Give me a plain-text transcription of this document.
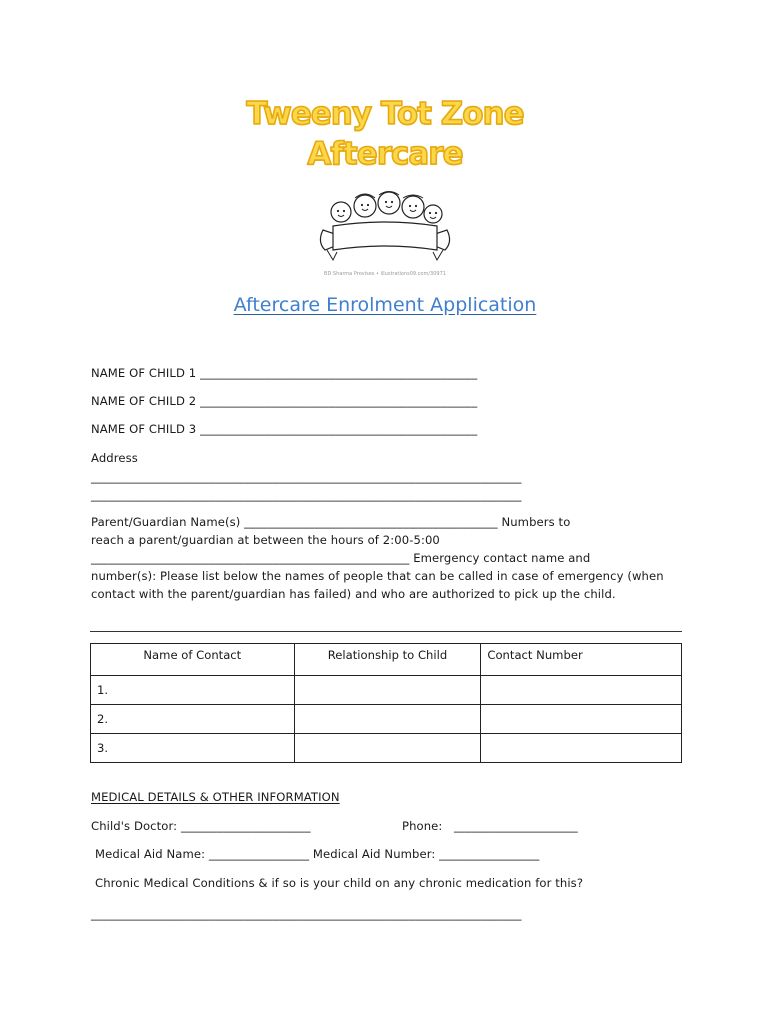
Tweeny Tot Zone
Aftercare
BD Sharma Provises • illustrations09.com/30971
Aftercare Enrolment Application
NAME OF CHILD 1 _______________________________________________
NAME OF CHILD 2 _______________________________________________
NAME OF CHILD 3 _______________________________________________
Address
_________________________________________________________________________
_________________________________________________________________________
Parent/Guardian Name(s) ___________________________________________ Numbers to
reach a parent/guardian at between the hours of 2:00-5:00
______________________________________________________ Emergency contact name and
number(s): Please list below the names of people that can be called in case of emergency (when
contact with the parent/guardian has failed) and who are authorized to pick up the child.
Name of Contact	Relationship to Child	Contact Number
1.		
2.		
3.		
MEDICAL DETAILS & OTHER INFORMATION
Child's Doctor: ______________________	Phone: _____________________
Medical Aid Name: _________________ Medical Aid Number: _________________
Chronic Medical Conditions & if so is your child on any chronic medication for this?
_________________________________________________________________________
